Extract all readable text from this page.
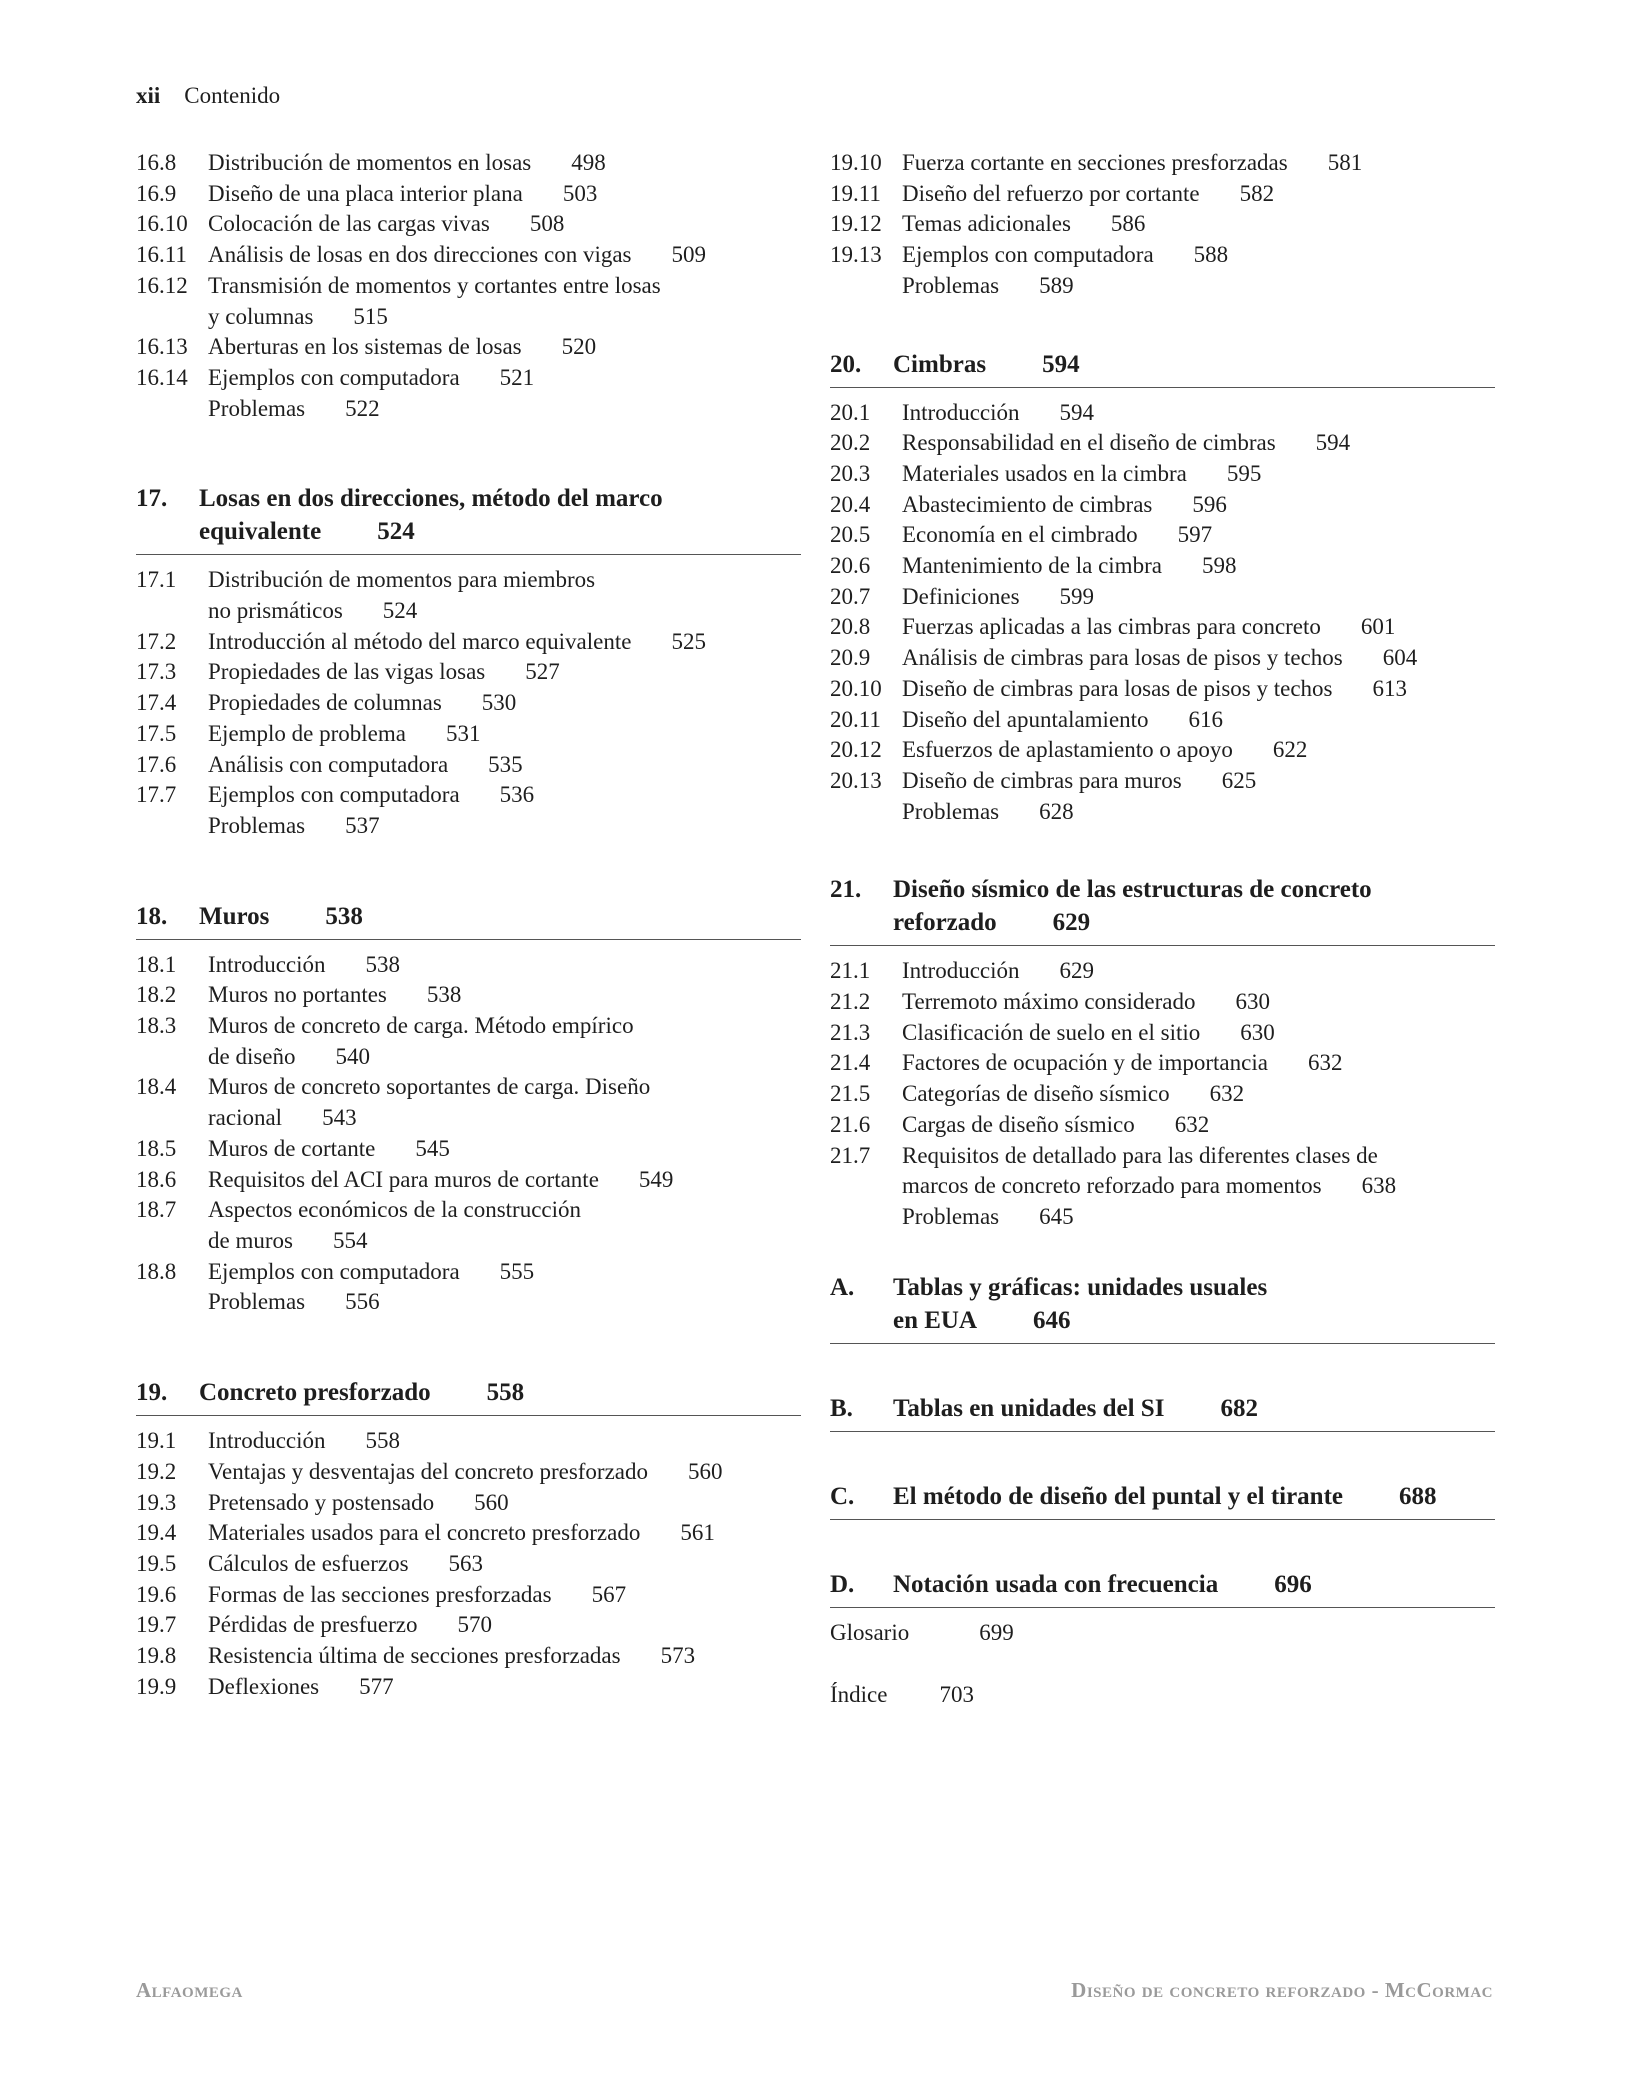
xii Contenido
16.8 Distribución de momentos en losas 498
16.9 Diseño de una placa interior plana 503
16.10 Colocación de las cargas vivas 508
16.11 Análisis de losas en dos direcciones con vigas 509
16.12 Transmisión de momentos y cortantes entre losas
y columnas 515
16.13 Aberturas en los sistemas de losas 520
16.14 Ejemplos con computadora 521
Problemas 522
17. Losas en dos direcciones, método del marco
equivalente 524
17.1 Distribución de momentos para miembros
no prismáticos 524
17.2 Introducción al método del marco equivalente 525
17.3 Propiedades de las vigas losas 527
17.4 Propiedades de columnas 530
17.5 Ejemplo de problema 531
17.6 Análisis con computadora 535
17.7 Ejemplos con computadora 536
Problemas 537
18. Muros 538
18.1 Introducción 538
18.2 Muros no portantes 538
18.3 Muros de concreto de carga. Método empírico
de diseño 540
18.4 Muros de concreto soportantes de carga. Diseño
racional 543
18.5 Muros de cortante 545
18.6 Requisitos del ACI para muros de cortante 549
18.7 Aspectos económicos de la construcción
de muros 554
18.8 Ejemplos con computadora 555
Problemas 556
19. Concreto presforzado 558
19.1 Introducción 558
19.2 Ventajas y desventajas del concreto presforzado 560
19.3 Pretensado y postensado 560
19.4 Materiales usados para el concreto presforzado 561
19.5 Cálculos de esfuerzos 563
19.6 Formas de las secciones presforzadas 567
19.7 Pérdidas de presfuerzo 570
19.8 Resistencia última de secciones presforzadas 573
19.9 Deflexiones 577
19.10 Fuerza cortante en secciones presforzadas 581
19.11 Diseño del refuerzo por cortante 582
19.12 Temas adicionales 586
19.13 Ejemplos con computadora 588
Problemas 589
20. Cimbras 594
20.1 Introducción 594
20.2 Responsabilidad en el diseño de cimbras 594
20.3 Materiales usados en la cimbra 595
20.4 Abastecimiento de cimbras 596
20.5 Economía en el cimbrado 597
20.6 Mantenimiento de la cimbra 598
20.7 Definiciones 599
20.8 Fuerzas aplicadas a las cimbras para concreto 601
20.9 Análisis de cimbras para losas de pisos y techos 604
20.10 Diseño de cimbras para losas de pisos y techos 613
20.11 Diseño del apuntalamiento 616
20.12 Esfuerzos de aplastamiento o apoyo 622
20.13 Diseño de cimbras para muros 625
Problemas 628
21. Diseño sísmico de las estructuras de concreto
reforzado 629
21.1 Introducción 629
21.2 Terremoto máximo considerado 630
21.3 Clasificación de suelo en el sitio 630
21.4 Factores de ocupación y de importancia 632
21.5 Categorías de diseño sísmico 632
21.6 Cargas de diseño sísmico 632
21.7 Requisitos de detallado para las diferentes clases de
marcos de concreto reforzado para momentos 638
Problemas 645
A. Tablas y gráficas: unidades usuales
en EUA 646
B. Tablas en unidades del SI 682
C. El método de diseño del puntal y el tirante 688
D. Notación usada con frecuencia 696
Glosario	699
Índice 703
Alfaomega	Diseño de concreto reforzado - McCormac
